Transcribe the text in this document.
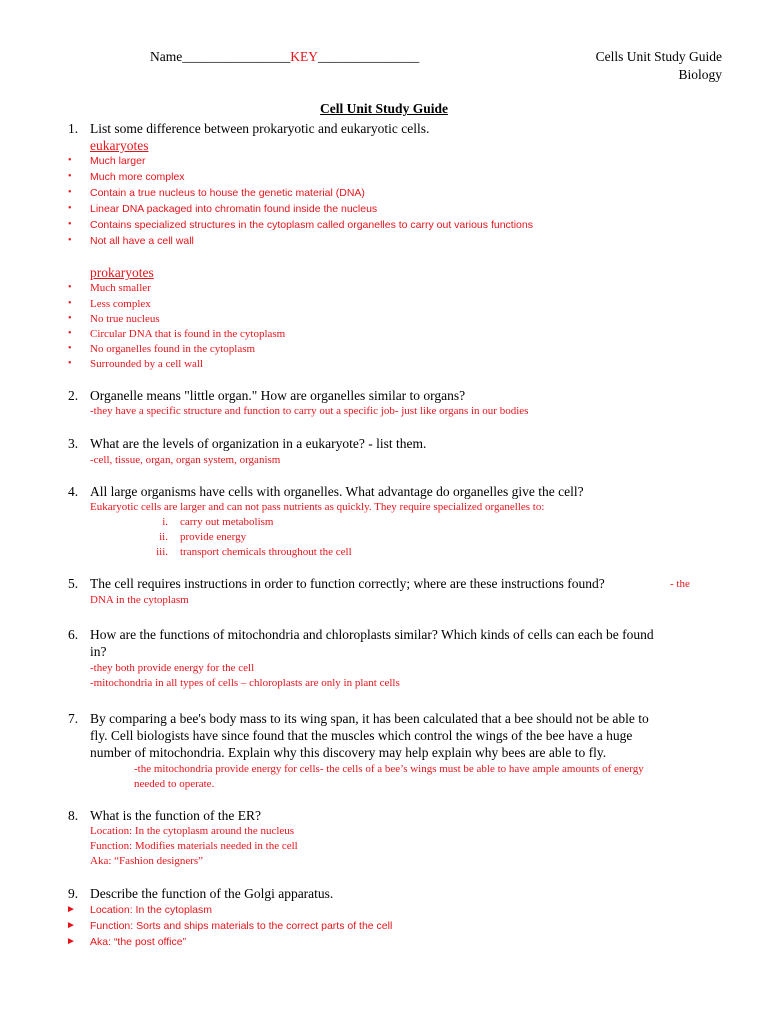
Name________________KEY_______________	Cells Unit Study Guide
Biology
Cell Unit Study Guide
1. List some difference between prokaryotic and eukaryotic cells.
eukaryotes
• Much larger
• Much more complex
• Contain a true nucleus to house the genetic material (DNA)
• Linear DNA packaged into chromatin found inside the nucleus
• Contains specialized structures in the cytoplasm called organelles to carry out various functions
• Not all have a cell wall
prokaryotes
• Much smaller
• Less complex
• No true nucleus
• Circular DNA that is found in the cytoplasm
• No organelles found in the cytoplasm
• Surrounded by a cell wall
2. Organelle means "little organ." How are organelles similar to organs?
-they have a specific structure and function to carry out a specific job- just like organs in our bodies
3. What are the levels of organization in a eukaryote? - list them.
-cell, tissue, organ, organ system, organism
4. All large organisms have cells with organelles. What advantage do organelles give the cell?
Eukaryotic cells are larger and can not pass nutrients as quickly. They require specialized organelles to:
i. carry out metabolism
ii. provide energy
iii. transport chemicals throughout the cell
5. The cell requires instructions in order to function correctly; where are these instructions found?	- the
DNA in the cytoplasm
6. How are the functions of mitochondria and chloroplasts similar? Which kinds of cells can each be found
in?
-they both provide energy for the cell
-mitochondria in all types of cells – chloroplasts are only in plant cells
7. By comparing a bee's body mass to its wing span, it has been calculated that a bee should not be able to
fly. Cell biologists have since found that the muscles which control the wings of the bee have a huge
number of mitochondria. Explain why this discovery may help explain why bees are able to fly.
-the mitochondria provide energy for cells- the cells of a bee’s wings must be able to have ample amounts of energy
needed to operate.
8. What is the function of the ER?
Location: In the cytoplasm around the nucleus
Function: Modifies materials needed in the cell
Aka: “Fashion designers”
9. Describe the function of the Golgi apparatus.
► Location: In the cytoplasm
► Function: Sorts and ships materials to the correct parts of the cell
► Aka: “the post office”
